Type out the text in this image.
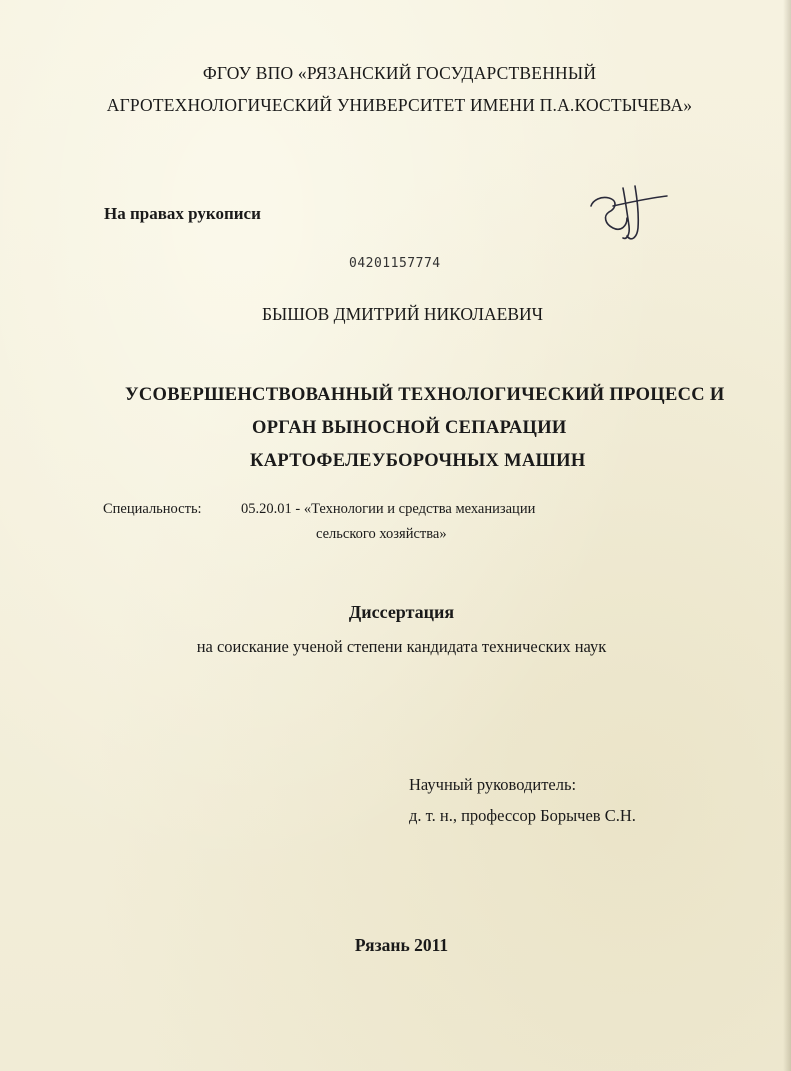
ФГОУ ВПО «РЯЗАНСКИЙ ГОСУДАРСТВЕННЫЙ

АГРОТЕХНОЛОГИЧЕСКИЙ УНИВЕРСИТЕТ ИМЕНИ П.А.КОСТЫЧЕВА»

На правах рукописи

04201157774

БЫШОВ ДМИТРИЙ НИКОЛАЕВИЧ

УСОВЕРШЕНСТВОВАННЫЙ ТЕХНОЛОГИЧЕСКИЙ ПРОЦЕСС И

ОРГАН ВЫНОСНОЙ СЕПАРАЦИИ

КАРТОФЕЛЕУБОРОЧНЫХ МАШИН

Специальность:	05.20.01 - «Технологии и средства механизации

сельского хозяйства»

Диссертация

на соискание ученой степени кандидата технических наук

Научный руководитель:

д. т. н., профессор Борычев С.Н.

Рязань 2011
